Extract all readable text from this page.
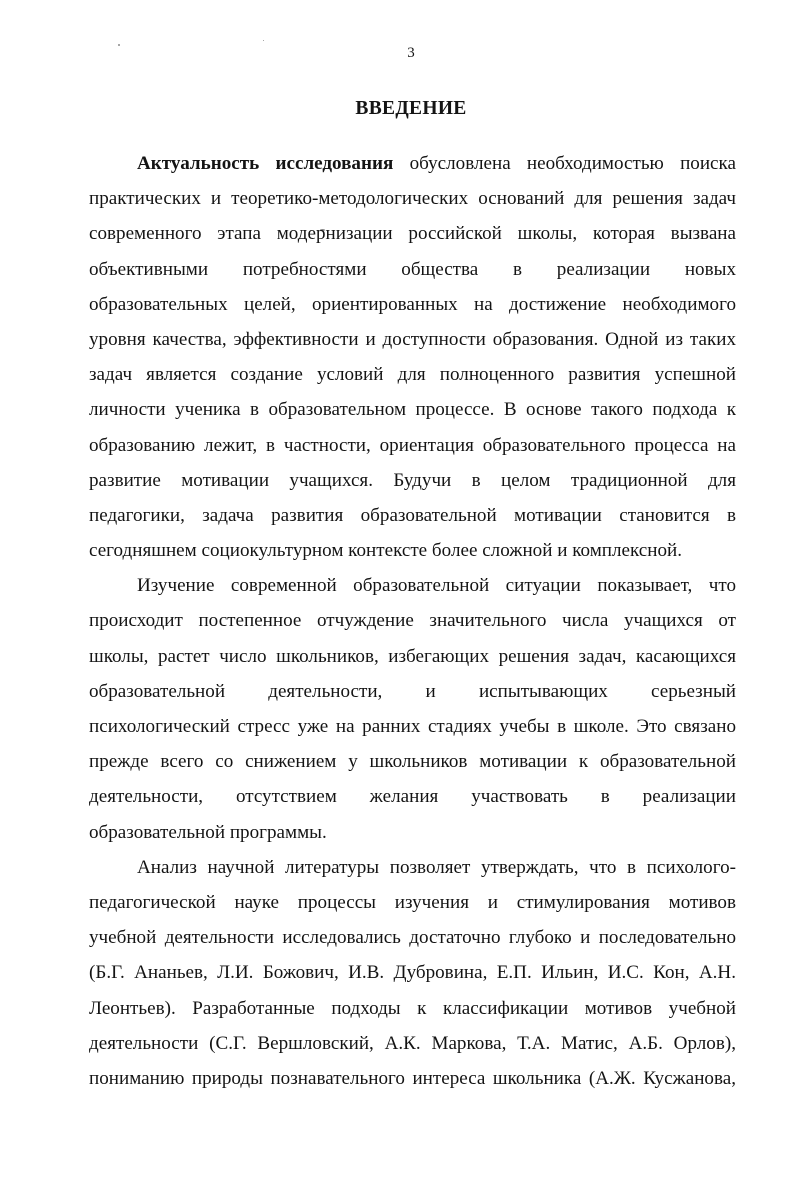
3
ВВЕДЕНИЕ
Актуальность исследования обусловлена необходимостью поиска
практических и теоретико-методологических оснований для решения задач
современного этапа модернизации российской школы, которая вызвана
объективными потребностями общества в реализации новых
образовательных целей, ориентированных на достижение необходимого
уровня качества, эффективности и доступности образования. Одной из таких
задач является создание условий для полноценного развития успешной
личности ученика в образовательном процессе. В основе такого подхода к
образованию лежит, в частности, ориентация образовательного процесса на
развитие мотивации учащихся. Будучи в целом традиционной для
педагогики, задача развития образовательной мотивации становится в
сегодняшнем социокультурном контексте более сложной и комплексной.
Изучение современной образовательной ситуации показывает, что
происходит постепенное отчуждение значительного числа учащихся от
школы, растет число школьников, избегающих решения задач, касающихся
образовательной деятельности, и испытывающих серьезный
психологический стресс уже на ранних стадиях учебы в школе. Это связано
прежде всего со снижением у школьников мотивации к образовательной
деятельности, отсутствием желания участвовать в реализации
образовательной программы.
Анализ научной литературы позволяет утверждать, что в психолого-
педагогической науке процессы изучения и стимулирования мотивов
учебной деятельности исследовались достаточно глубоко и последовательно
(Б.Г. Ананьев, Л.И. Божович, И.В. Дубровина, Е.П. Ильин, И.С. Кон, А.Н.
Леонтьев). Разработанные подходы к классификации мотивов учебной
деятельности (С.Г. Вершловский, А.К. Маркова, Т.А. Матис, А.Б. Орлов),
пониманию природы познавательного интереса школьника (А.Ж. Кусжанова,
